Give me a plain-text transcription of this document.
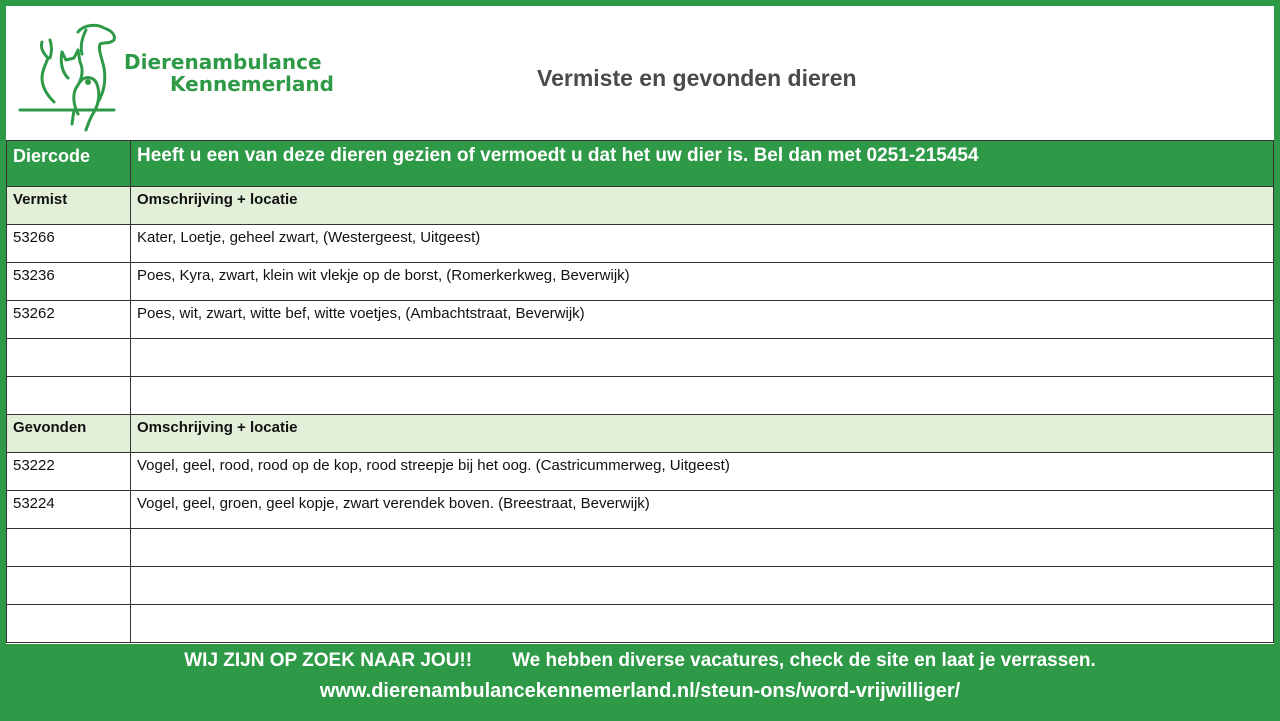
Dierenambulance
Kennemerland	Vermiste en gevonden dieren
Diercode	Heeft u een van deze dieren gezien of vermoedt u dat het uw dier is. Bel dan met 0251-215454
Vermist	Omschrijving + locatie
53266	Kater, Loetje, geheel zwart, (Westergeest, Uitgeest)
53236	Poes, Kyra, zwart, klein wit vlekje op de borst, (Romerkerkweg, Beverwijk)
53262	Poes, wit, zwart, witte bef, witte voetjes, (Ambachtstraat, Beverwijk)

Gevonden	Omschrijving + locatie
53222	Vogel, geel, rood, rood op de kop, rood streepje bij het oog. (Castricummerweg, Uitgeest)
53224	Vogel, geel, groen, geel kopje, zwart verendek boven. (Breestraat, Beverwijk)

WIJ ZIJN OP ZOEK NAAR JOU!! We hebben diverse vacatures, check de site en laat je verrassen.
www.dierenambulancekennemerland.nl/steun-ons/word-vrijwilliger/
